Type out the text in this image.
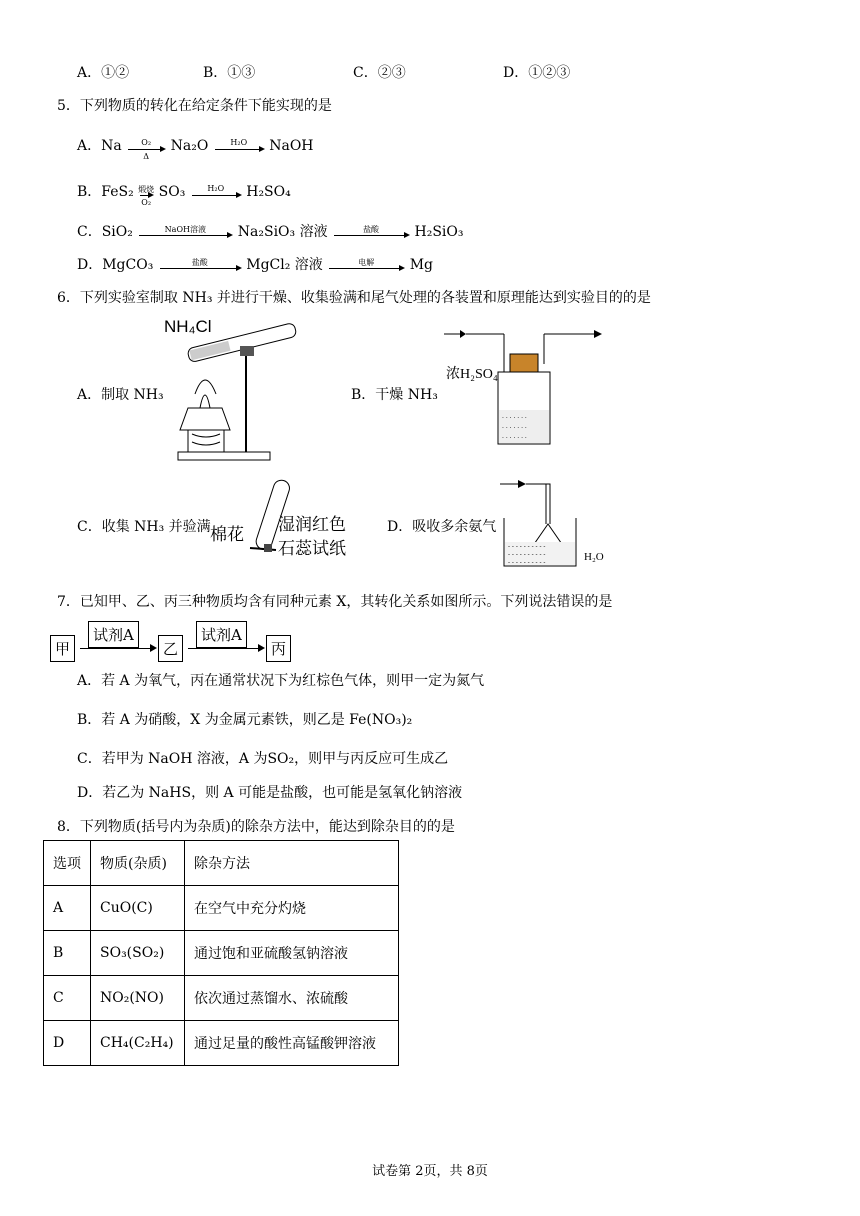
A．①②	B．①③	C．②③	D．①②③
5．下列物质的转化在给定条件下能实现的是
A．Na $\frac{\text{O₂}}{\Delta} Na_2O$	H₂O	NaOH
B．FeS₂ 煅烧
O₂
SO₃	H₂O	H₂SO₄
C．SiO₂	NaOH溶液	Na₂SiO₃ 溶液	盐酸	H₂SiO₃
D．MgCO₃	盐酸	MgCl₂ 溶液	电解	Mg
6．下列实验室制取 NH₃ 并进行干燥、收集验满和尾气处理的各装置和原理能达到实验目的的是
A．制取 NH₃
NH₄Cl
B．干燥 NH₃
. . . . . . .
. . . . . . .
. . . . . . .
浓H₂SO₄
C．收集 NH₃ 并验满 棉花
湿润红色
石蕊试纸
D．吸收多余氨气
- - - - - - - - - -
- - - - - - - - - -
- - - - - - - - - -	H₂O
7．已知甲、乙、丙三种物质均含有同种元素 X，其转化关系如图所示。下列说法错误的是
甲
试剂A
乙
试剂A
丙
A．若 A 为氧气，丙在通常状况下为红棕色气体，则甲一定为氮气
B．若 A 为硝酸，X 为金属元素铁，则乙是 Fe(NO₃)₂
C．若甲为 NaOH 溶液，A 为SO₂，则甲与丙反应可生成乙
D．若乙为 NaHS，则 A 可能是盐酸，也可能是氢氧化钠溶液
8．下列物质(括号内为杂质)的除杂方法中，能达到除杂目的的是
选项	物质(杂质)	除杂方法
A	CuO(C)	在空气中充分灼烧
B	SO₃(SO₂)	通过饱和亚硫酸氢钠溶液
C	NO₂(NO)	依次通过蒸馏水、浓硫酸
D	CH₄(C₂H₄)	通过足量的酸性高锰酸钾溶液
试卷第 2页，共 8页
